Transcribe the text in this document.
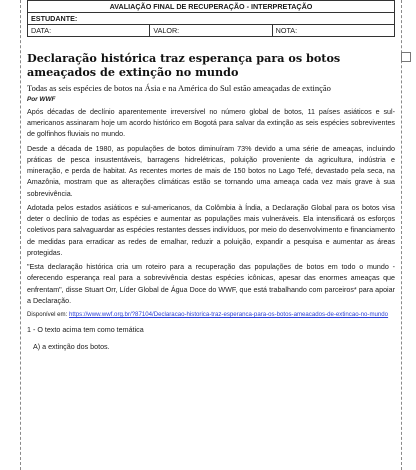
AVALIAÇÃO FINAL DE RECUPERAÇÃO - INTERPRETAÇÃO
ESTUDANTE:
DATA:	VALOR:	NOTA:
Declaração histórica traz esperança para os botos ameaçados de extinção no mundo
Todas as seis espécies de botos na Ásia e na América do Sul estão ameaçadas de extinção
Por WWF

Após décadas de declínio aparentemente irreversível no número global de botos, 11 países asiáticos e sul-americanos assinaram hoje um acordo histórico em Bogotá para salvar da extinção as seis espécies sobreviventes de golfinhos fluviais no mundo.

Desde a década de 1980, as populações de botos diminuíram 73% devido a uma série de ameaças, incluindo práticas de pesca insustentáveis, barragens hidrelétricas, poluição proveniente da agricultura, indústria e mineração, e perda de habitat. As recentes mortes de mais de 150 botos no Lago Tefé, devastado pela seca, na Amazônia, mostram que as alterações climáticas estão se tornando uma ameaça cada vez mais grave à sua sobrevivência.

Adotada pelos estados asiáticos e sul-americanos, da Colômbia à Índia, a Declaração Global para os botos visa deter o declínio de todas as espécies e aumentar as populações mais vulneráveis. Ela intensificará os esforços coletivos para salvaguardar as espécies restantes desses indivíduos, por meio do desenvolvimento e financiamento de medidas para erradicar as redes de emalhar, reduzir a poluição, expandir a pesquisa e aumentar as áreas protegidas.

"Esta declaração histórica cria um roteiro para a recuperação das populações de botos em todo o mundo - oferecendo esperança real para a sobrevivência destas espécies icônicas, apesar das enormes ameaças que enfrentam", disse Stuart Orr, Líder Global de Água Doce do WWF, que está trabalhando com parceiros* para apoiar a Declaração.

Disponível em: https://www.wwf.org.br/?87104/Declaracao-historica-traz-esperanca-para-os-botos-ameacados-de-extincao-no-mundo
1 - O texto acima tem como temática
A) a extinção dos botos.
